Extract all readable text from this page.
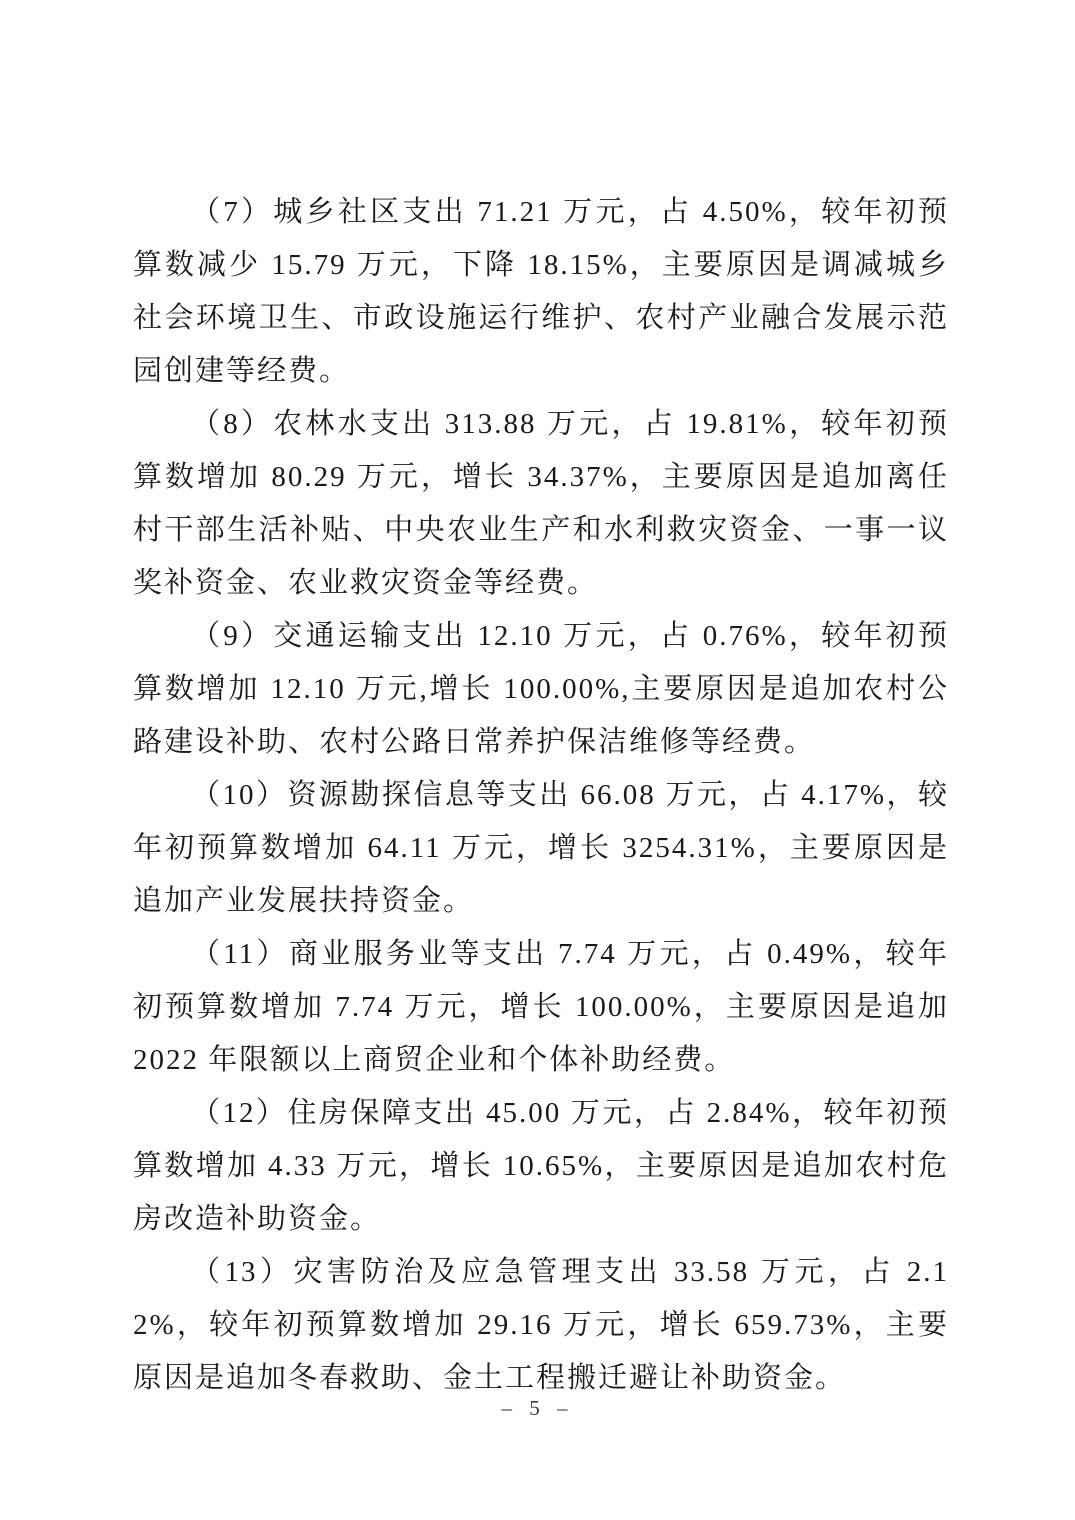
（7）城乡社区支出 71.21 万元，占 4.50%，较年初预算数减少 15.79 万元，下降 18.15%，主要原因是调减城乡社会环境卫生、市政设施运行维护、农村产业融合发展示范园创建等经费。

（8）农林水支出 313.88 万元，占 19.81%，较年初预算数增加 80.29 万元，增长 34.37%，主要原因是追加离任村干部生活补贴、中央农业生产和水利救灾资金、一事一议奖补资金、农业救灾资金等经费。

（9）交通运输支出 12.10 万元，占 0.76%，较年初预算数增加 12.10 万元,增长 100.00%,主要原因是追加农村公路建设补助、农村公路日常养护保洁维修等经费。

（10）资源勘探信息等支出 66.08 万元，占 4.17%，较年初预算数增加 64.11 万元，增长 3254.31%，主要原因是追加产业发展扶持资金。

（11）商业服务业等支出 7.74 万元，占 0.49%，较年初预算数增加 7.74 万元，增长 100.00%，主要原因是追加 2022 年限额以上商贸企业和个体补助经费。

（12）住房保障支出 45.00 万元，占 2.84%，较年初预算数增加 4.33 万元，增长 10.65%，主要原因是追加农村危房改造补助资金。

（13）灾害防治及应急管理支出 33.58 万元，占 2.12%，较年初预算数增加 29.16 万元，增长 659.73%，主要原因是追加冬春救助、金土工程搬迁避让补助资金。

– 5 –
